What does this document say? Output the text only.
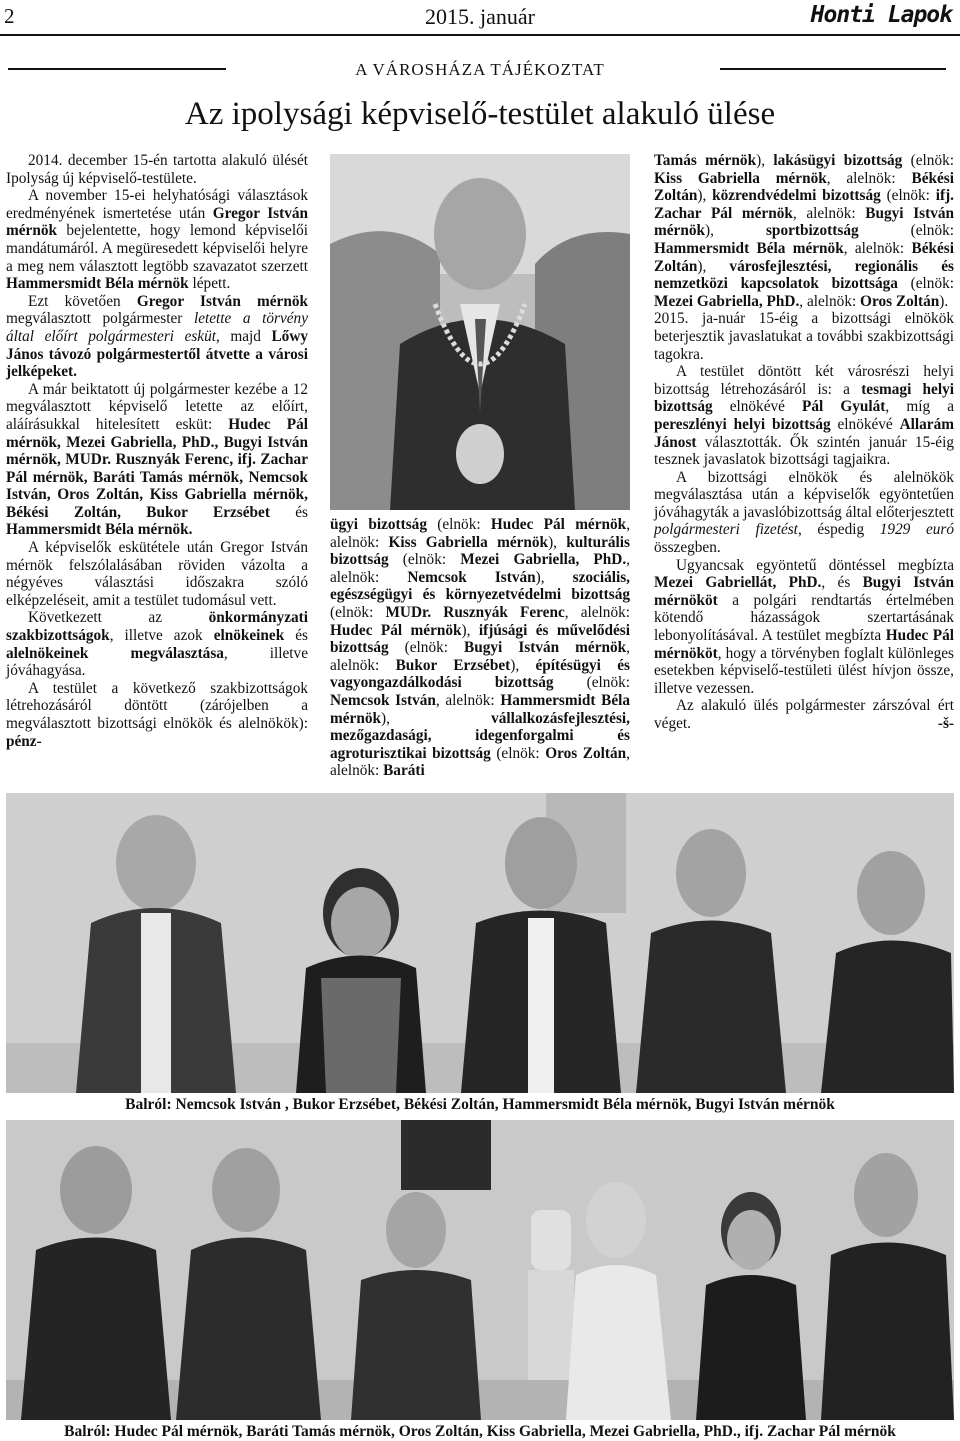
2	2015. január	Honti Lapok
A VÁROSHÁZA TÁJÉKOZTAT
Az ipolysági képviselő-testület alakuló ülése

2014. december 15-én tartotta alakuló ülését Ipolyság új képviselő-testülete.

A november 15-ei helyhatósági választások eredményének ismertetése után Gregor István mérnök bejelentette, hogy lemond képviselői mandátumáról. A megüresedett képviselői helyre a meg nem választott legtöbb szavazatot szerzett Hammersmidt Béla mérnök lépett.

Ezt követően Gregor István mérnök megválasztott polgármester letette a törvény által előírt polgármesteri esküt, majd Lőwy János távozó polgármestertől átvette a városi jelképeket.

A már beiktatott új polgármester kezébe a 12 megválasztott képviselő letette az előírt, aláírásukkal hitelesített esküt: Hudec Pál mérnök, Mezei Gabriella, PhD., Bugyi István mérnök, MUDr. Rusznyák Ferenc, ifj. Zachar Pál mérnök, Baráti Tamás mérnök, Nemcsok István, Oros Zoltán, Kiss Gabriella mérnök, Békési Zoltán, Bukor Erzsébet és Hammersmidt Béla mérnök.

A képviselők eskütétele után Gregor István mérnök felszólalásában röviden vázolta a négyéves választási időszakra szóló elképzeléseit, amit a testület tudomásul vett.

Következett az önkormányzati szakbizottságok, illetve azok elnökeinek és alelnökeinek megválasztása, illetve jóváhagyása.

A testület a következő szakbizottságok létrehozásáról döntött (zárójelben a megválasztott bizottsági elnökök és alelnökök): pénz-

ügyi bizottság (elnök: Hudec Pál mérnök, alelnök: Kiss Gabriella mérnök), kulturális bizottság (elnök: Mezei Gabriella, PhD., alelnök: Nemcsok István), szociális, egészségügyi és környezetvédelmi bizottság (elnök: MUDr. Rusznyák Ferenc, alelnök: Hudec Pál mérnök), ifjúsági és művelődési bizottság (elnök: Bugyi István mérnök, alelnök: Bukor Erzsébet), építésügyi és vagyongazdálkodási bizottság (elnök: Nemcsok István, alelnök: Hammersmidt Béla mérnök), vállalkozásfejlesztési, mezőgazdasági, idegenforgalmi és agroturisztikai bizottság (elnök: Oros Zoltán, alelnök: Baráti

Tamás mérnök), lakásügyi bizottság (elnök: Kiss Gabriella mérnök, alelnök: Békési Zoltán), közrendvédelmi bizottság (elnök: ifj. Zachar Pál mérnök, alelnök: Bugyi István mérnök), sportbizottság (elnök: Hammersmidt Béla mérnök, alelnök: Békési Zoltán), városfejlesztési, regionális és nemzetközi kapcsolatok bizottsága (elnök: Mezei Gabriella, PhD., alelnök: Oros Zoltán).

2015. ja-nuár 15-éig a bizottsági elnökök beterjesztik javaslatukat a további szakbizottsági tagokra.

A testület döntött két városrészi helyi bizottság létrehozásáról is: a tesmagi helyi bizottság elnökévé Pál Gyulát, míg a pereszlényi helyi bizottság elnökévé Allarám Jánost választották. Ők szintén január 15-éig tesznek javaslatok bizottsági tagjaikra.

A bizottsági elnökök és alelnökök megválasztása után a képviselők egyöntetűen jóváhagyták a javaslóbizottság által előterjesztett polgármesteri fizetést, éspedig 1929 euró összegben.

Ugyancsak egyöntetű döntéssel megbízta Mezei Gabriellát, PhD., és Bugyi István mérnököt a polgári rendtartás értelmében kötendő házasságok szertartásának lebonyolításával. A testület megbízta Hudec Pál mérnököt, hogy a törvényben foglalt különleges esetekben képviselő-testületi ülést hívjon össze, illetve vezessen.

Az alakuló ülés polgármester zárszóval ért véget.	-š-

Balról: Nemcsok István , Bukor Erzsébet, Békési Zoltán, Hammersmidt Béla mérnök, Bugyi István mérnök
Balról: Hudec Pál mérnök, Baráti Tamás mérnök, Oros Zoltán, Kiss Gabriella, Mezei Gabriella, PhD., ifj. Zachar Pál mérnök
